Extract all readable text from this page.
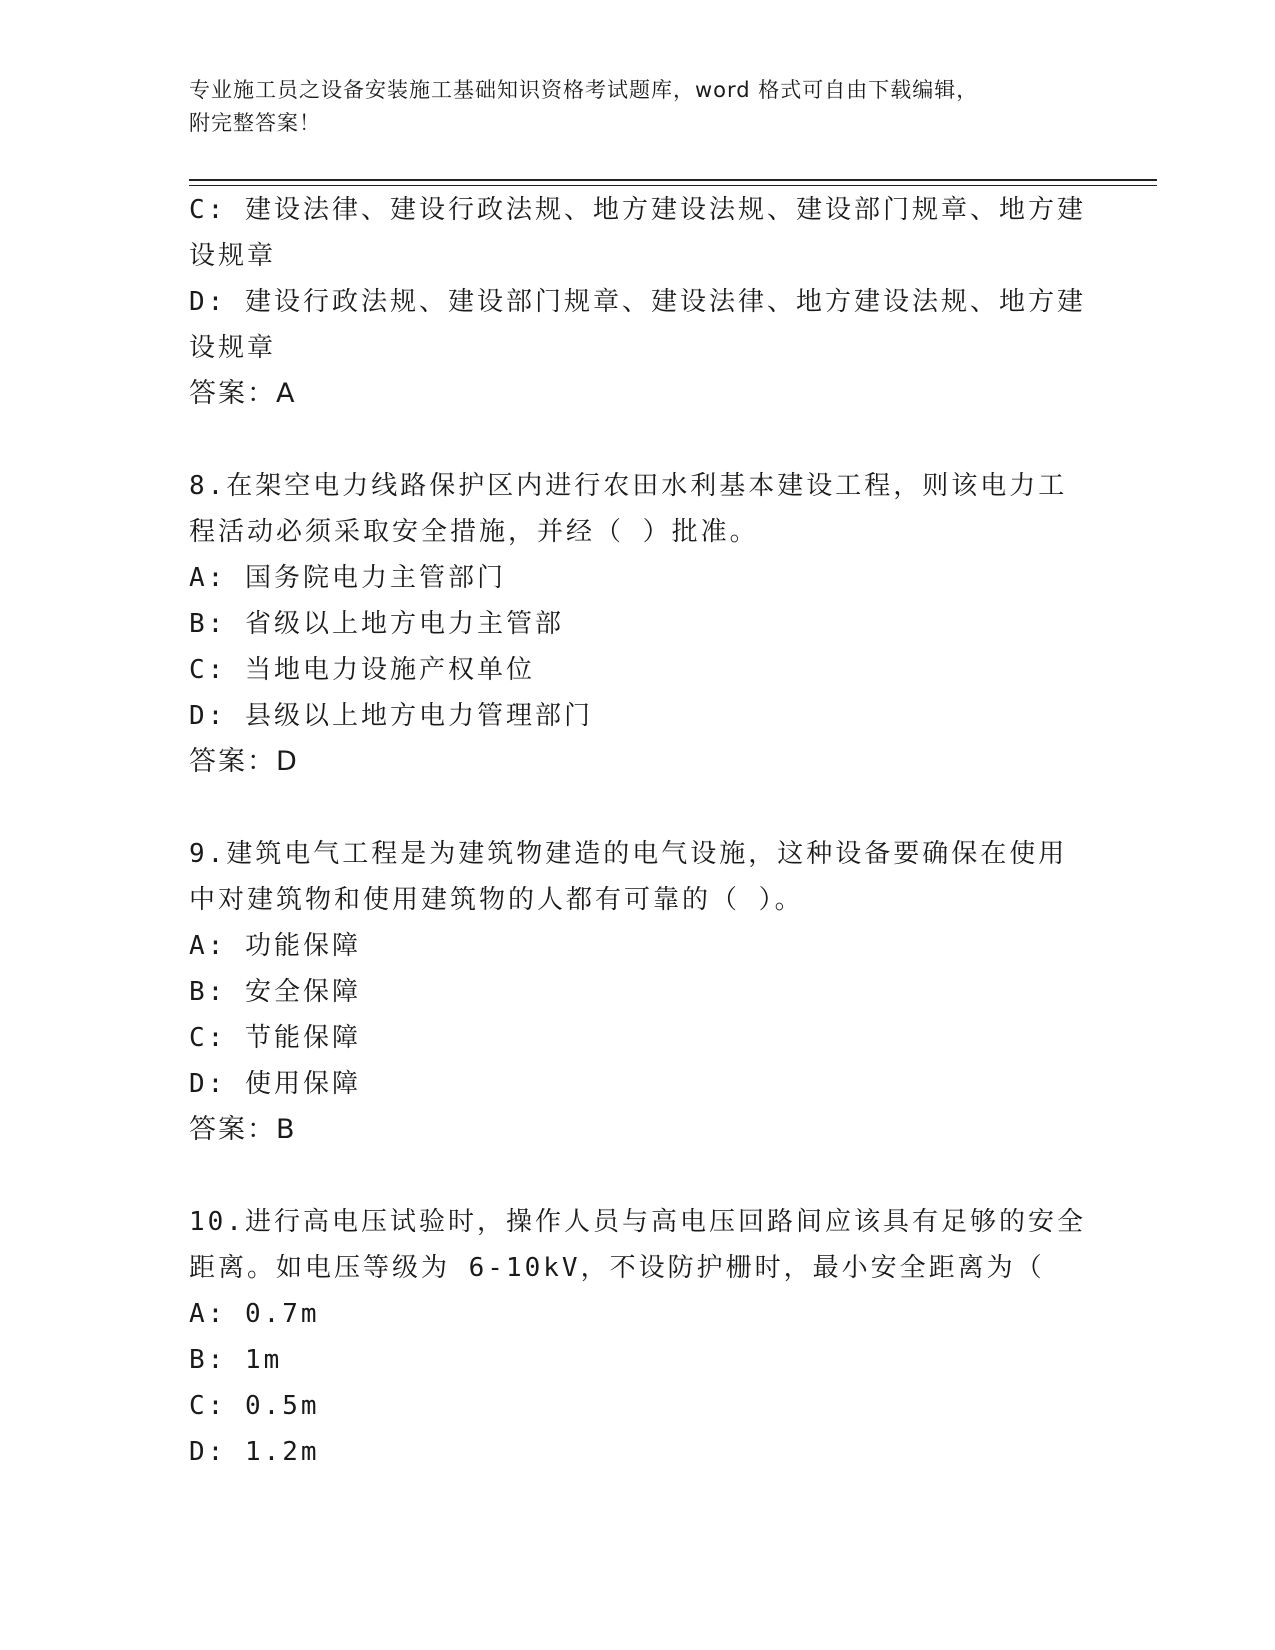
专业施工员之设备安装施工基础知识资格考试题库，word 格式可自由下载编辑，
附完整答案！
C: 建设法律、建设行政法规、地方建设法规、建设部门规章、地方建
设规章
D: 建设行政法规、建设部门规章、建设法律、地方建设法规、地方建
设规章
答案：A
8.在架空电力线路保护区内进行农田水利基本建设工程，则该电力工
程活动必须采取安全措施，并经（ ）批准。
A: 国务院电力主管部门
B: 省级以上地方电力主管部
C: 当地电力设施产权单位
D: 县级以上地方电力管理部门
答案：D
9.建筑电气工程是为建筑物建造的电气设施，这种设备要确保在使用
中对建筑物和使用建筑物的人都有可靠的（ ）。
A: 功能保障
B: 安全保障
C: 节能保障
D: 使用保障
答案：B
10.进行高电压试验时，操作人员与高电压回路间应该具有足够的安全
距离。如电压等级为 6-10kV，不设防护栅时，最小安全距离为（
A: 0.7m
B: 1m
C: 0.5m
D: 1.2m
